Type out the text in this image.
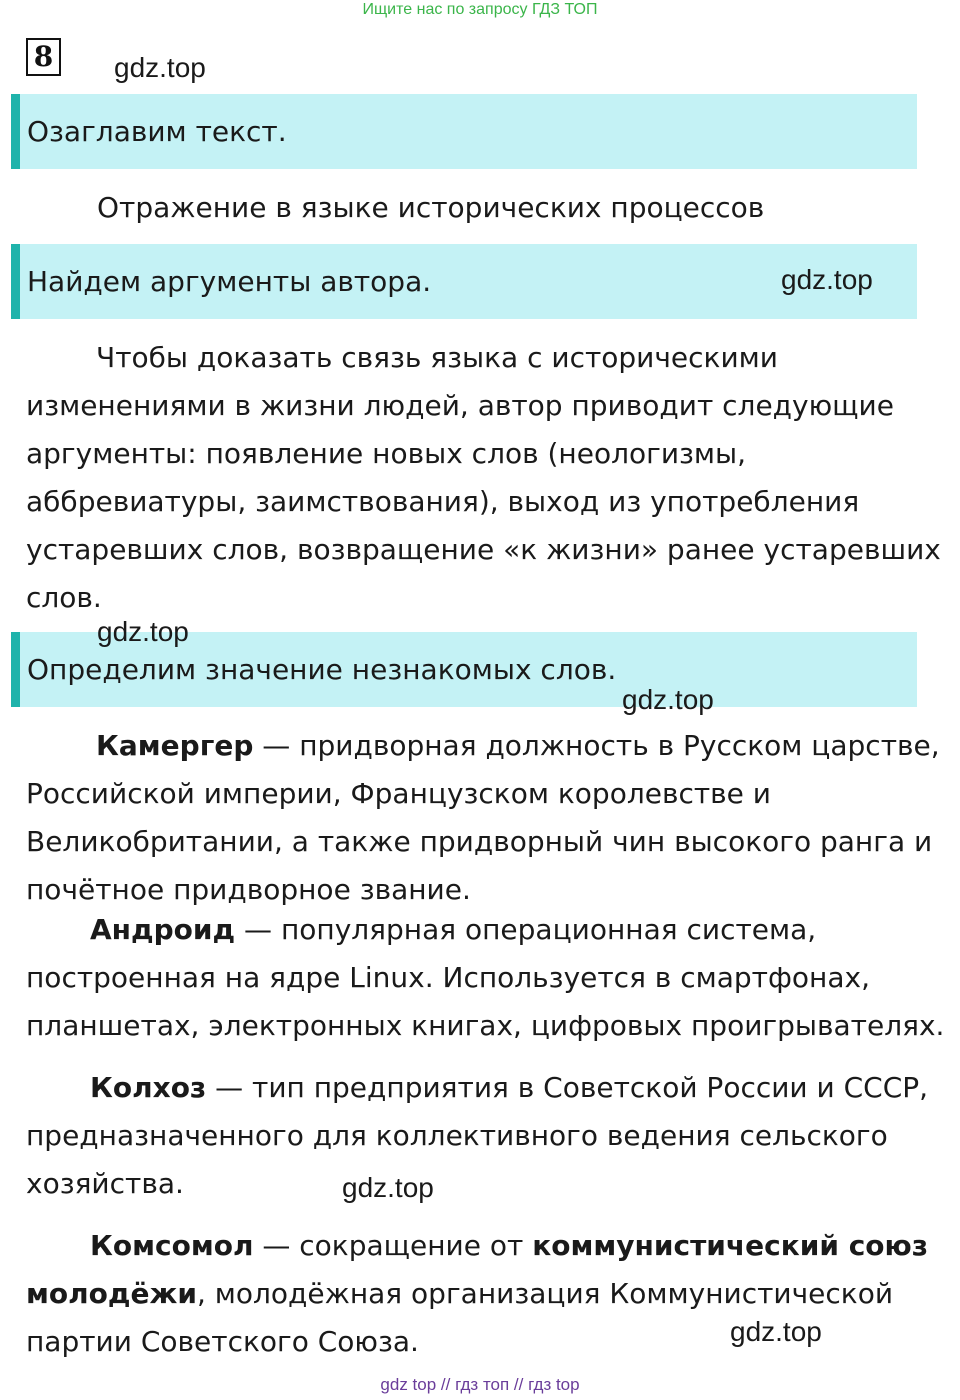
Ищите нас по запросу ГДЗ ТОП
8 gdz.top
Озаглавим текст.

Отражение в языке исторических процессов

Найдем аргументы автора.	gdz.top

Чтобы доказать связь языка с историческими изменениями в жизни людей, автор приводит следующие аргументы: появление новых слов (неологизмы, аббревиатуры, заимствования), выход из употребления устаревших слов, возвращение «к жизни» ранее устаревших слов.

Определим значение незнакомых слов.
gdz.top
gdz.top

Камергер — придворная должность в Русском царстве, Российской империи, Французском королевстве и Великобритании, а также придворный чин высокого ранга и почётное придворное звание.

Андроид — популярная операционная система, построенная на ядре Linux. Используется в смартфонах, планшетах, электронных книгах, цифровых проигрывателях.

Колхоз — тип предприятия в Советской России и СССР, предназначенного для коллективного ведения сельского хозяйства.	gdz.top

Комсомол — сокращение от коммунистический союз молодёжи, молодёжная организация Коммунистической партии Советского Союза.	gdz.top
gdz top // гдз топ // гдз top
